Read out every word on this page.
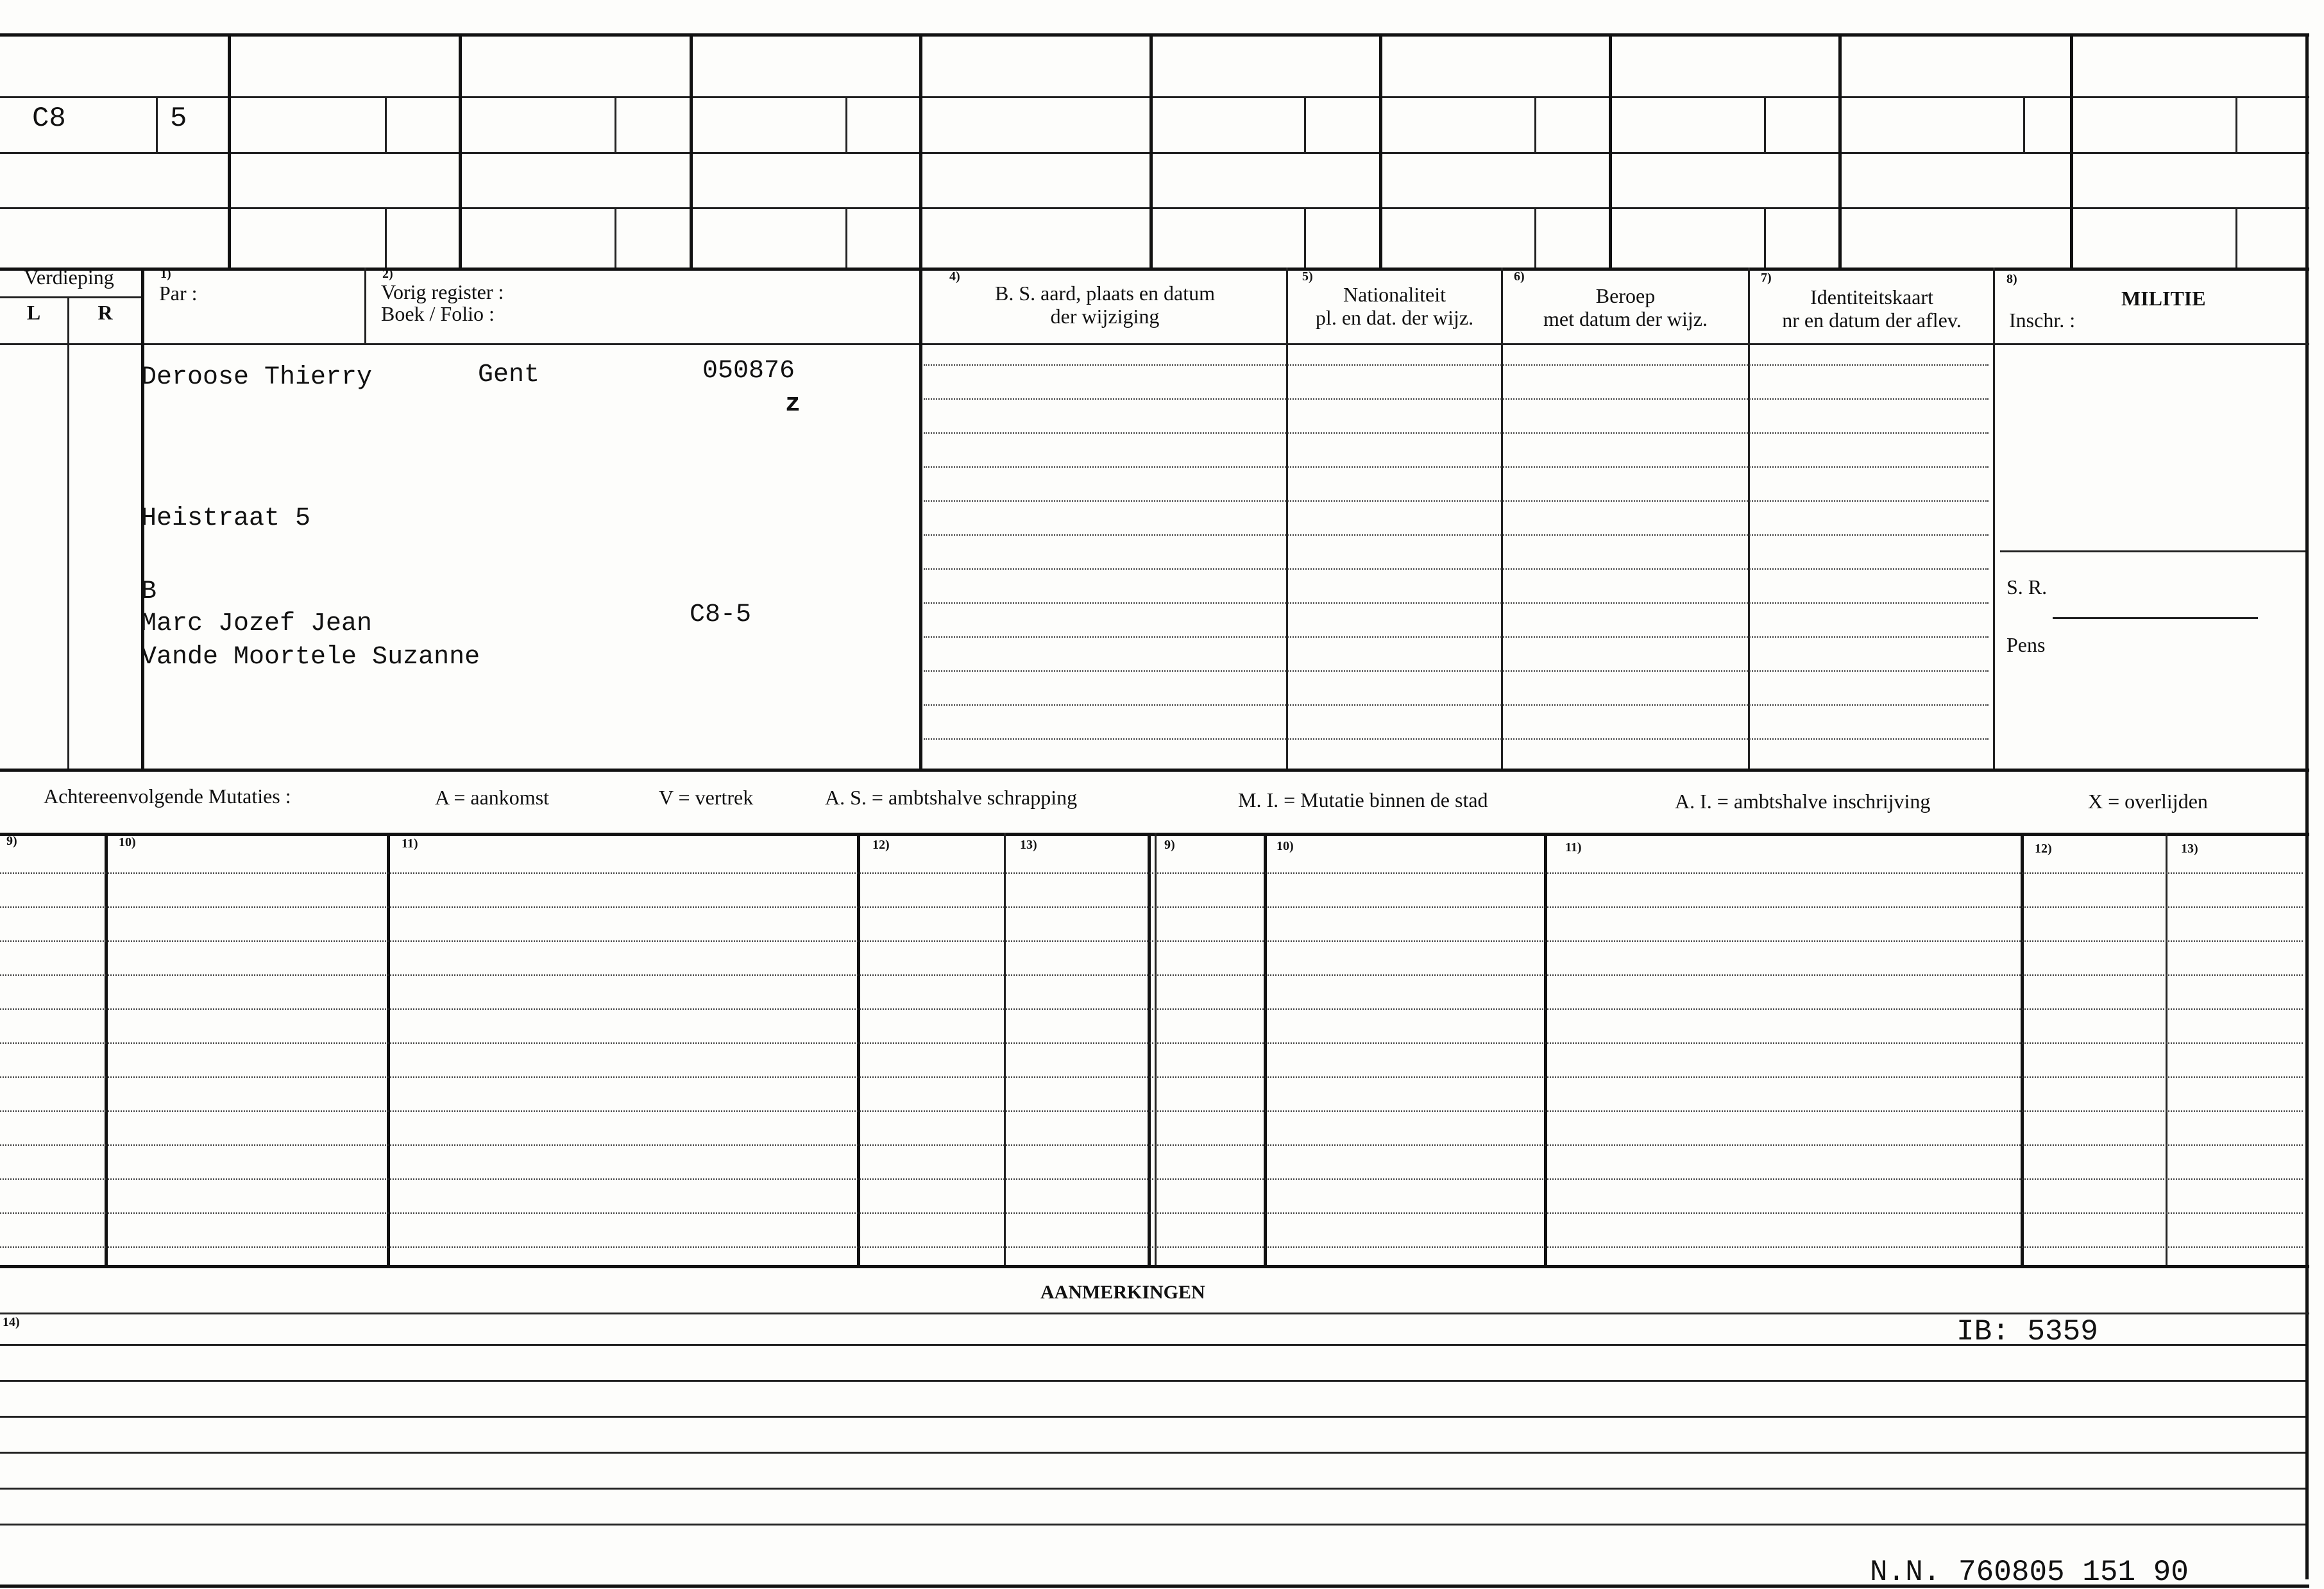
C8	5
Verdieping
L	R
1)
Par :
2)
Vorig register :
Boek / Folio :
4)
B. S. aard, plaats en datum
der wijziging
5)
Nationaliteit
pl. en dat. der wijz.
6)
Beroep
met datum der wijz.
7)
Identiteitskaart
nr en datum der aflev.
8)
MILITIE
Inschr. :
S. R.
Pens
Deroose Thierry	Gent	050876
z
Heistraat 5
B
Marc Jozef Jean
Vande Moortele Suzanne
C8-5
Achtereenvolgende Mutaties :	A = aankomst	V = vertrek	A. S. = ambtshalve schrapping	M. I. = Mutatie binnen de stad	A. I. = ambtshalve inschrijving	X = overlijden
9)	10)	11)	12)	13)	9)	10)	11)	12)	13)
AANMERKINGEN
14)	IB: 5359
N.N. 760805 151 90
